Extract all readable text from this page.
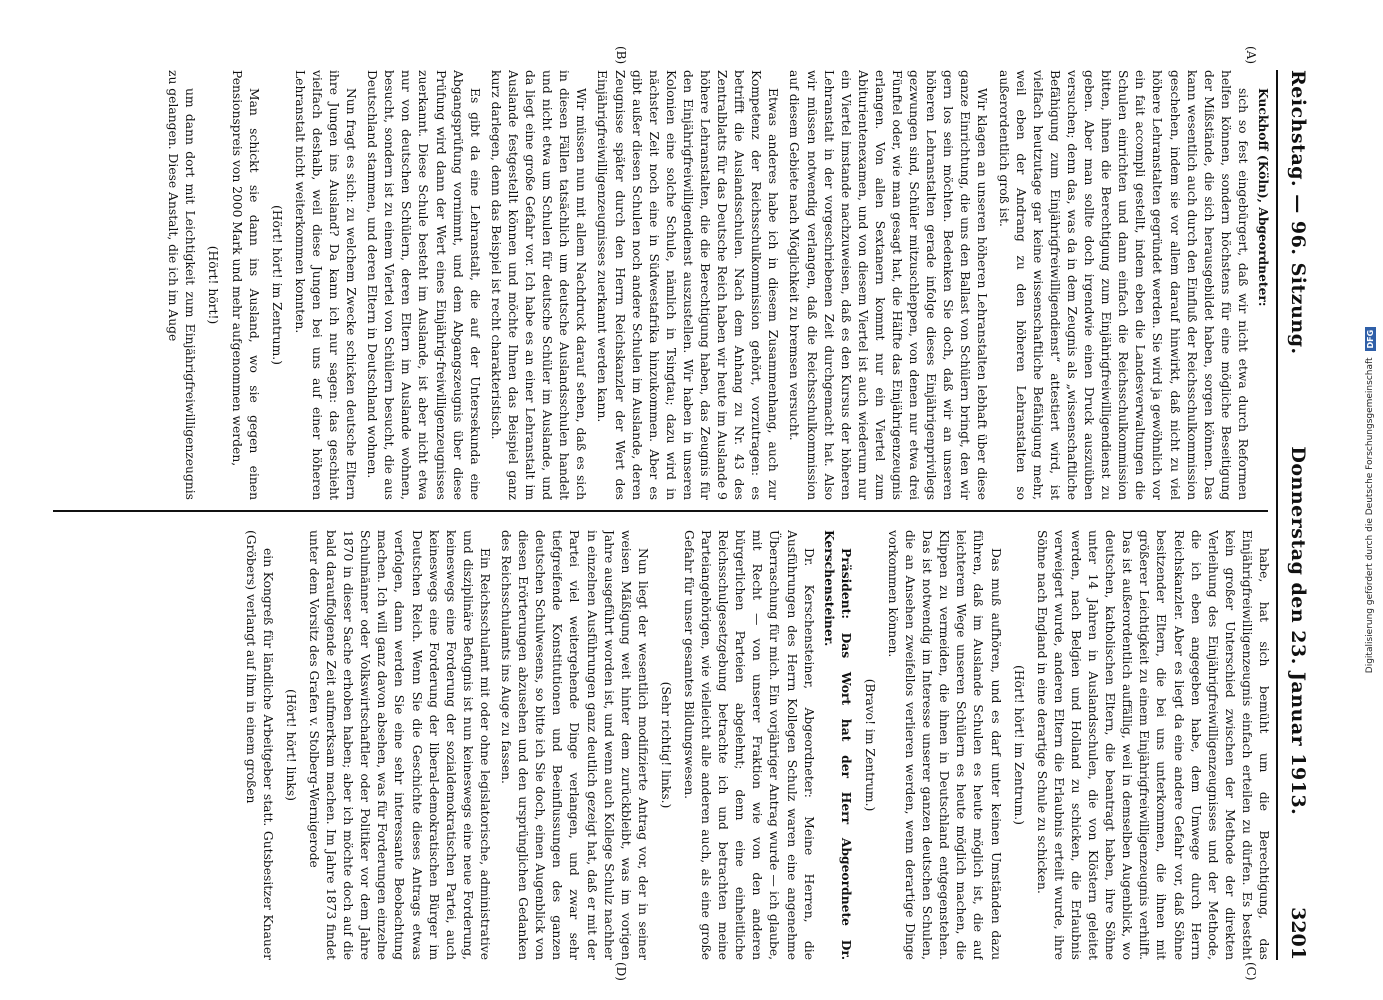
Reichstag. — 96. Sitzung.
Donnerstag den 23. Januar 1913.
3201
(A)
(B)
(C)
(D)

Kuckhoff (Köln), Abgeordneter:

sich so fest eingebürgert, daß wir nicht etwa durch Reformen helfen können, sondern höchstens für eine mögliche Beseitigung der Mißstände, die sich herausgebildet haben, sorgen können. Das kann wesentlich auch durch den Einfluß der Reichsschulkommission geschehen, indem sie vor allem darauf hinwirkt, daß nicht zu viel höhere Lehranstalten gegründet werden. Sie wird ja gewöhnlich vor ein fait accompli gestellt, indem eben die Landesverwaltungen die Schulen einrichten und dann einfach die Reichsschulkommission bitten, ihnen die Berechtigung zum Einjährigfreiwilligendienst zu geben. Aber man sollte doch irgendwie einen Druck auszuüben versuchen; denn das, was da in dem Zeugnis als „wissenschaftliche Befähigung zum Einjährigfreiwilligendienst“ attestiert wird, ist vielfach heutzutage gar keine wissenschaftliche Befähigung mehr, weil eben der Andrang zu den höheren Lehranstalten so außerordentlich groß ist.

Wir klagen an unseren höheren Lehranstalten lebhaft über diese ganze Einrichtung, die uns den Ballast von Schülern bringt, den wir gern los sein möchten. Bedenken Sie doch, daß wir an unseren höheren Lehranstalten gerade infolge dieses Einjährigenprivilegs gezwungen sind, Schüler mitzuschleppen, von denen nur etwa drei Fünftel oder, wie man gesagt hat, die Hälfte das Einjährigenzeugnis erlangen. Von allen Sextanern kommt nur ein Viertel zum Abiturientenexamen, und von diesem Viertel ist auch wiederum nur ein Viertel imstande nachzuweisen, daß es den Kursus der höheren Lehranstalt in der vorgeschriebenen Zeit durchgemacht hat. Also wir müssen notwendig verlangen, daß die Reichsschulkommission auf diesem Gebiete nach Möglichkeit zu bremsen versucht.

Etwas anderes habe ich in diesem Zusammenhang, auch zur Kompetenz der Reichsschulkommission gehört, vorzutragen: es betrifft die Auslandsschulen. Nach dem Anhang zu Nr. 43 des Zentralblatts für das Deutsche Reich haben wir heute im Auslande 9 höhere Lehranstalten, die die Berechtigung haben, das Zeugnis für den Einjährigfreiwilligendienst auszustellen. Wir haben in unseren Kolonien eine solche Schule, nämlich in Tsingtau; dazu wird in nächster Zeit noch eine in Südwestafrika hinzukommen. Aber es gibt außer diesen Schulen noch andere Schulen im Auslande, deren Zeugnisse später durch den Herrn Reichskanzler der Wert des Einjährigfreiwilligenzeugnisses zuerkannt werden kann.

Wir müssen nun mit allem Nachdruck darauf sehen, daß es sich in diesen Fällen tatsächlich um deutsche Auslandsschulen handelt und nicht etwa um Schulen für deutsche Schüler im Auslande, und da liegt eine große Gefahr vor. Ich habe es an einer Lehranstalt im Auslande festgestellt können und möchte Ihnen das Beispiel ganz kurz darlegen, denn das Beispiel ist recht charakteristisch.

Es gibt da eine Lehranstalt, die auf der Untersekunda eine Abgangsprüfung vornimmt, und dem Abgangszeugnis über diese Prüfung wird dann der Wert eines Einjährig-freiwilligenzeugnisses zuerkannt. Diese Schule besteht im Auslande, ist aber nicht etwa nur von deutschen Schülern, deren Eltern im Auslande wohnen, besucht, sondern ist zu einem Viertel von Schülern besucht, die aus Deutschland stammen, und deren Eltern in Deutschland wohnen.

Nun fragt es sich: zu welchem Zwecke schicken deutsche Eltern ihre Jungen ins Ausland? Da kann ich nur sagen: das geschieht vielfach deshalb, weil diese Jungen bei uns auf einer höheren Lehranstalt nicht weiterkommen konnten.

(Hört! hört! im Zentrum.)

Man schickt sie dann ins Ausland, wo sie gegen einen Pensionspreis von 2000 Mark und mehr aufgenommen werden,

(Hört! hört!)

um dann dort mit Leichtigkeit zum Einjährigfreiwilligenzeugnis zu gelangen. Diese Anstalt, die ich im Auge

habe, hat sich bemüht um die Berechtigung, das Einjährigfreiwilligenzeugnis einfach erteilen zu dürfen. Es besteht kein großer Unterschied zwischen der Methode der direkten Verleihung des Einjährigfreiwilligenzeugnisses und der Methode, die ich eben angegeben habe, dem Umwege durch Herrn Reichskanzler. Aber es liegt da eine andere Gefahr vor, daß Söhne besitzender Eltern, die bei uns unterkommen, die ihnen mit größerer Leichtigkeit zu einem Einjährigfreiwilligenzeugnis verhilft. Das ist außerordentlich auffällig, weil in demselben Augenblick, wo deutschen, katholischen Eltern, die beantragt haben, ihre Söhne unter 14 Jahren in Auslandsschulen, die von Klöstern geleitet werden, nach Belgien und Holland zu schicken, die Erlaubnis verweigert wurde, anderen Eltern die Erlaubnis erteilt wurde, ihre Söhne nach England in eine derartige Schule zu schicken.

(Hört! hört! im Zentrum.)

Das muß aufhören, und es darf unter keinen Umständen dazu führen, daß im Auslande Schulen es heute möglich ist, die auf leichterem Wege unseren Schülern es heute möglich machen, die Klippen zu vermeiden, die ihnen in Deutschland entgegenstehen. Das ist notwendig im Interesse unserer ganzen deutschen Schulen, die an Ansehen zweifellos verlieren werden, wenn derartige Dinge vorkommen können.

(Bravo! im Zentrum.)

Präsident: Das Wort hat der Herr Abgeordnete Dr. Kerschensteiner.

Dr. Kerschensteiner, Abgeordneter: Meine Herren, die Ausführungen des Herrn Kollegen Schulz waren eine angenehme Überraschung für mich. Ein vorjähriger Antrag wurde — ich glaube, mit Recht — von unserer Fraktion wie von den anderen bürgerlichen Parteien abgelehnt; denn eine einheitliche Reichsschulgesetzgebung betrachte ich und betrachten meine Parteiangehörigen, wie vielleicht alle anderen auch, als eine große Gefahr für unser gesamtes Bildungswesen.

(Sehr richtig! links.)

Nun liegt der wesentlich modifizierte Antrag vor, der in seiner weisen Mäßigung weit hinter dem zurückbleibt, was im vorigen Jahre ausgeführt worden ist, und wenn auch Kollege Schulz nachher in einzelnen Ausführungen ganz deutlich gezeigt hat, daß er mit der Partei viel weitergehende Dinge verlangen, und zwar sehr tiefgreifende Konstitutionen und Beeinflussungen des ganzen deutschen Schulwesens, so bitte ich Sie doch, einen Augenblick von diesen Erörterungen abzusehen und den ursprünglichen Gedanken des Reichsschulamts ins Auge zu fassen.

Ein Reichsschulamt mit oder ohne legislatorische, administrative und disziplinäre Befugnis ist nun keineswegs eine neue Forderung, keineswegs eine Forderung der sozialdemokratischen Partei, auch keineswegs eine Forderung der liberal-demokratischen Bürger im Deutschen Reich. Wenn Sie die Geschichte dieses Antrags etwas verfolgen, dann werden Sie eine sehr interessante Beobachtung machen. Ich will ganz davon absehen, was für Forderungen einzelne Schulmänner oder Volkswirtschaftler oder Politiker vor dem Jahre 1870 in dieser Sache erhoben haben; aber ich möchte doch auf die bald darauffolgende Zeit aufmerksam machen. Im Jahre 1873 findet unter dem Vorsitz des Grafen v. Stolberg-Wernigerode

(Hört! hört! links)

ein Kongreß für ländliche Arbeitgeber statt. Gutsbesitzer Knauer (Gröbers) verlangt auf ihm in einem großen	Digitalisierung gefördert durch die Deutsche Forschungsgemeinschaft
DFG
